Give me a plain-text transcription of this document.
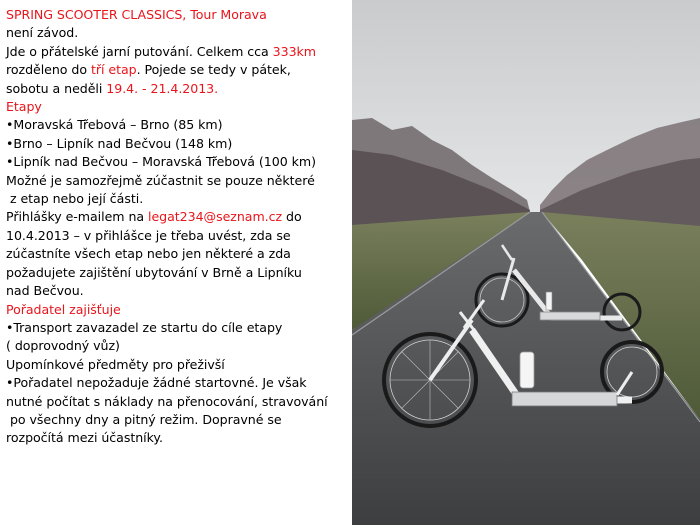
SPRING SCOOTER CLASSICS, Tour Morava

není závod.

Jde o přátelské jarní putování. Celkem cca 333km

rozděleno do tří etap. Pojede se tedy v pátek,

sobotu a neděli 19.4. - 21.4.2013.

Etapy

•Moravská Třebová – Brno (85 km)

•Brno – Lipník nad Bečvou (148 km)

•Lipník nad Bečvou – Moravská Třebová (100 km)

Možné je samozřejmě zúčastnit se pouze některé

z etap nebo její části.

Přihlášky e-mailem na legat234@seznam.cz do

10.4.2013 – v přihlášce je třeba uvést, zda se

zúčastníte všech etap nebo jen některé a zda

požadujete zajištění ubytování v Brně a Lipníku

nad Bečvou.

Pořadatel zajišťuje

•Transport zavazadel ze startu do cíle etapy

( doprovodný vůz)

Upomínkové předměty pro přeživší

•Pořadatel nepožaduje žádné startovné. Je však

nutné počítat s náklady na přenocování, stravování

po všechny dny a pitný režim. Dopravné se

rozpočítá mezi účastníky.
